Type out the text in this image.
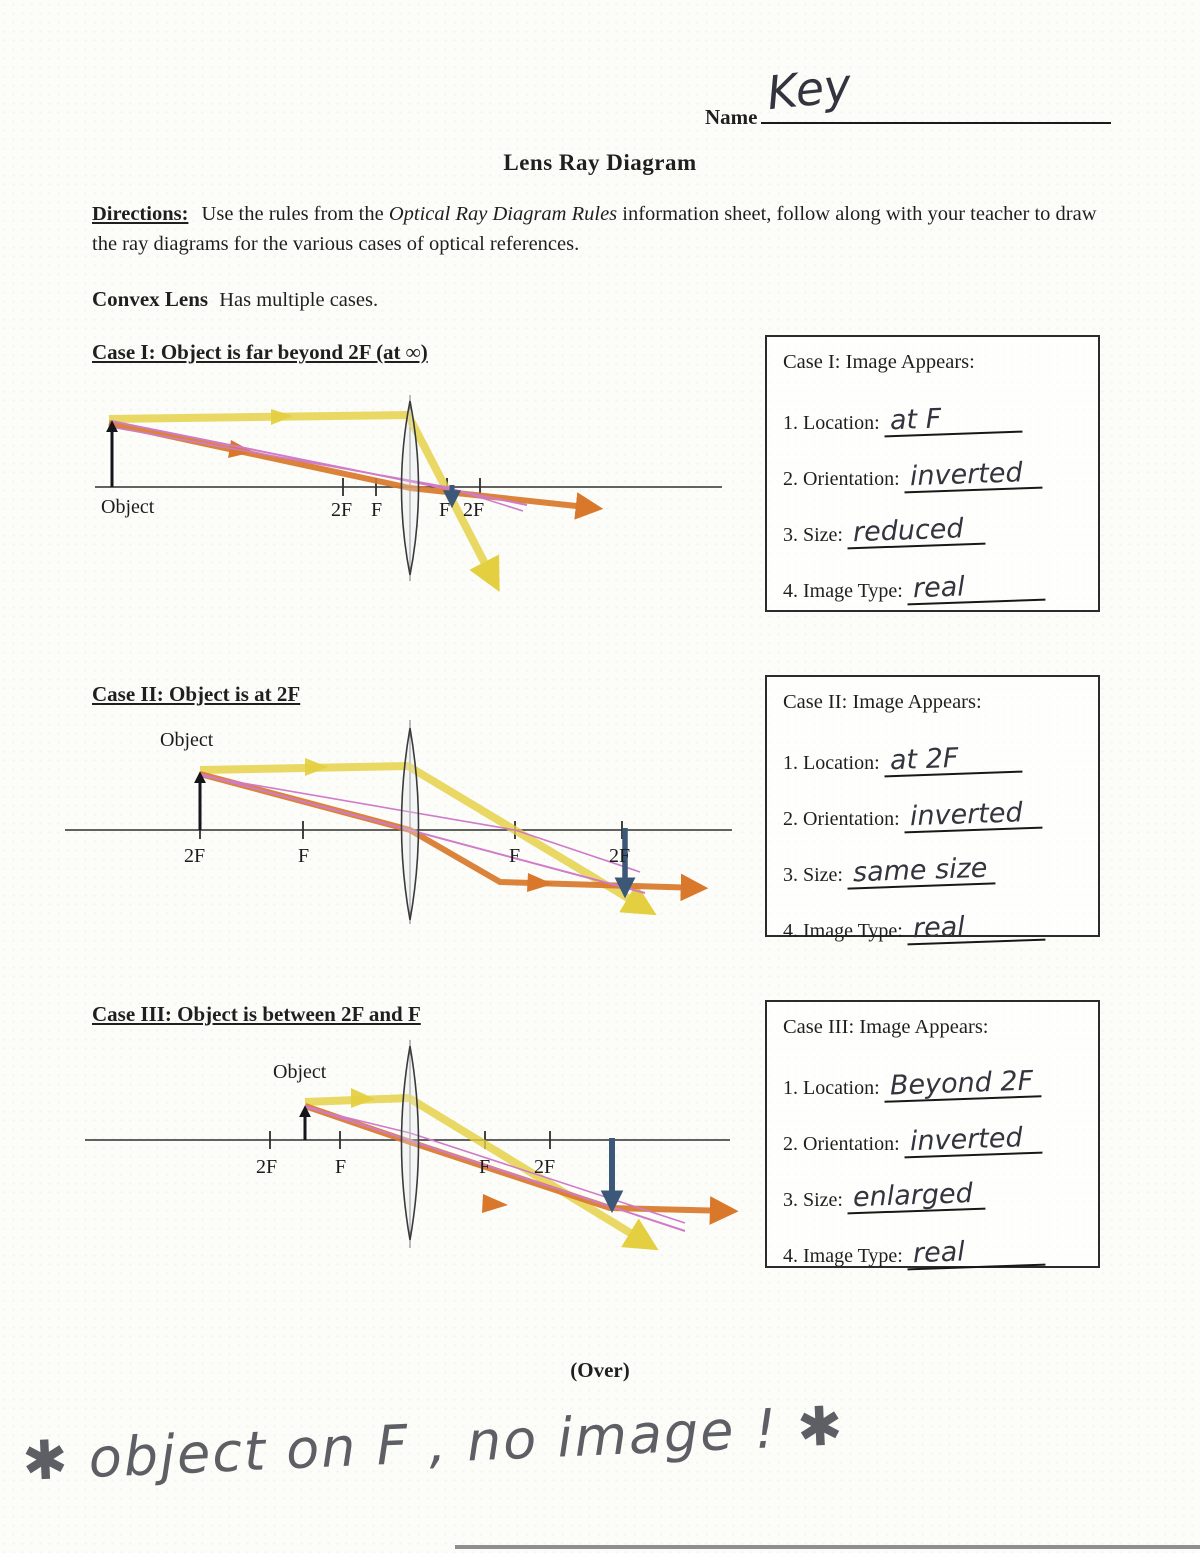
Name Key
Lens Ray Diagram

Directions: Use the rules from the Optical Ray Diagram Rules information sheet, follow along with your teacher to draw the ray diagrams for the various cases of optical references.

Convex Lens Has multiple cases.

Case I: Object is far beyond 2F (at ∞)
Object	2F F	F 2F
Case I: Image Appears:
1. Location: at F
2. Orientation: inverted
3. Size: reduced
4. Image Type: real
Case II: Object is at 2F
Object
2F	F	F	2F
Case II: Image Appears:
1. Location: at 2F
2. Orientation: inverted
3. Size: same size
4. Image Type: real
Case III: Object is between 2F and F
Object
2F	F	F 2F
Case III: Image Appears:
1. Location: Beyond 2F
2. Orientation: inverted
3. Size: enlarged
4. Image Type: real
(Over)
✱ object on F , no image ! ✱
